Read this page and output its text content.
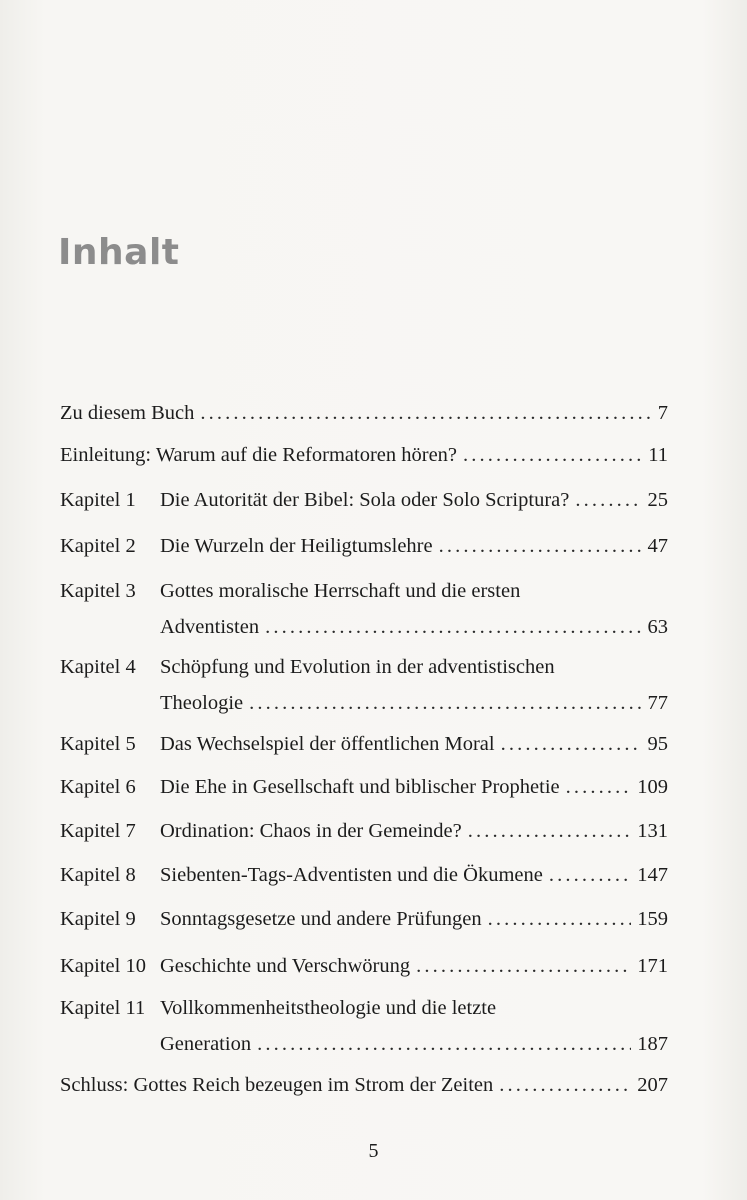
Inhalt
Zu diesem Buch . . .	7
Einleitung: Warum auf die Reformatoren hören? . . .	11
Kapitel 1	Die Autorität der Bibel: Sola oder Solo Scriptura? . . .	25
Kapitel 2	Die Wurzeln der Heiligtumslehre . . .	47
Kapitel 3	Gottes moralische Herrschaft und die ersten
Adventisten . . .	63
Kapitel 4	Schöpfung und Evolution in der adventistischen
Theologie . . .	77
Kapitel 5	Das Wechselspiel der öffentlichen Moral . . .	95
Kapitel 6	Die Ehe in Gesellschaft und biblischer Prophetie . . .	109
Kapitel 7	Ordination: Chaos in der Gemeinde? . . .	131
Kapitel 8	Siebenten-Tags-Adventisten und die Ökumene . . .	147
Kapitel 9	Sonntagsgesetze und andere Prüfungen . . .	159
Kapitel 10 Geschichte und Verschwörung . . .	171
Kapitel 11 Vollkommenheitstheologie und die letzte
Generation . . .	187
Schluss: Gottes Reich bezeugen im Strom der Zeiten . . .	207
5
